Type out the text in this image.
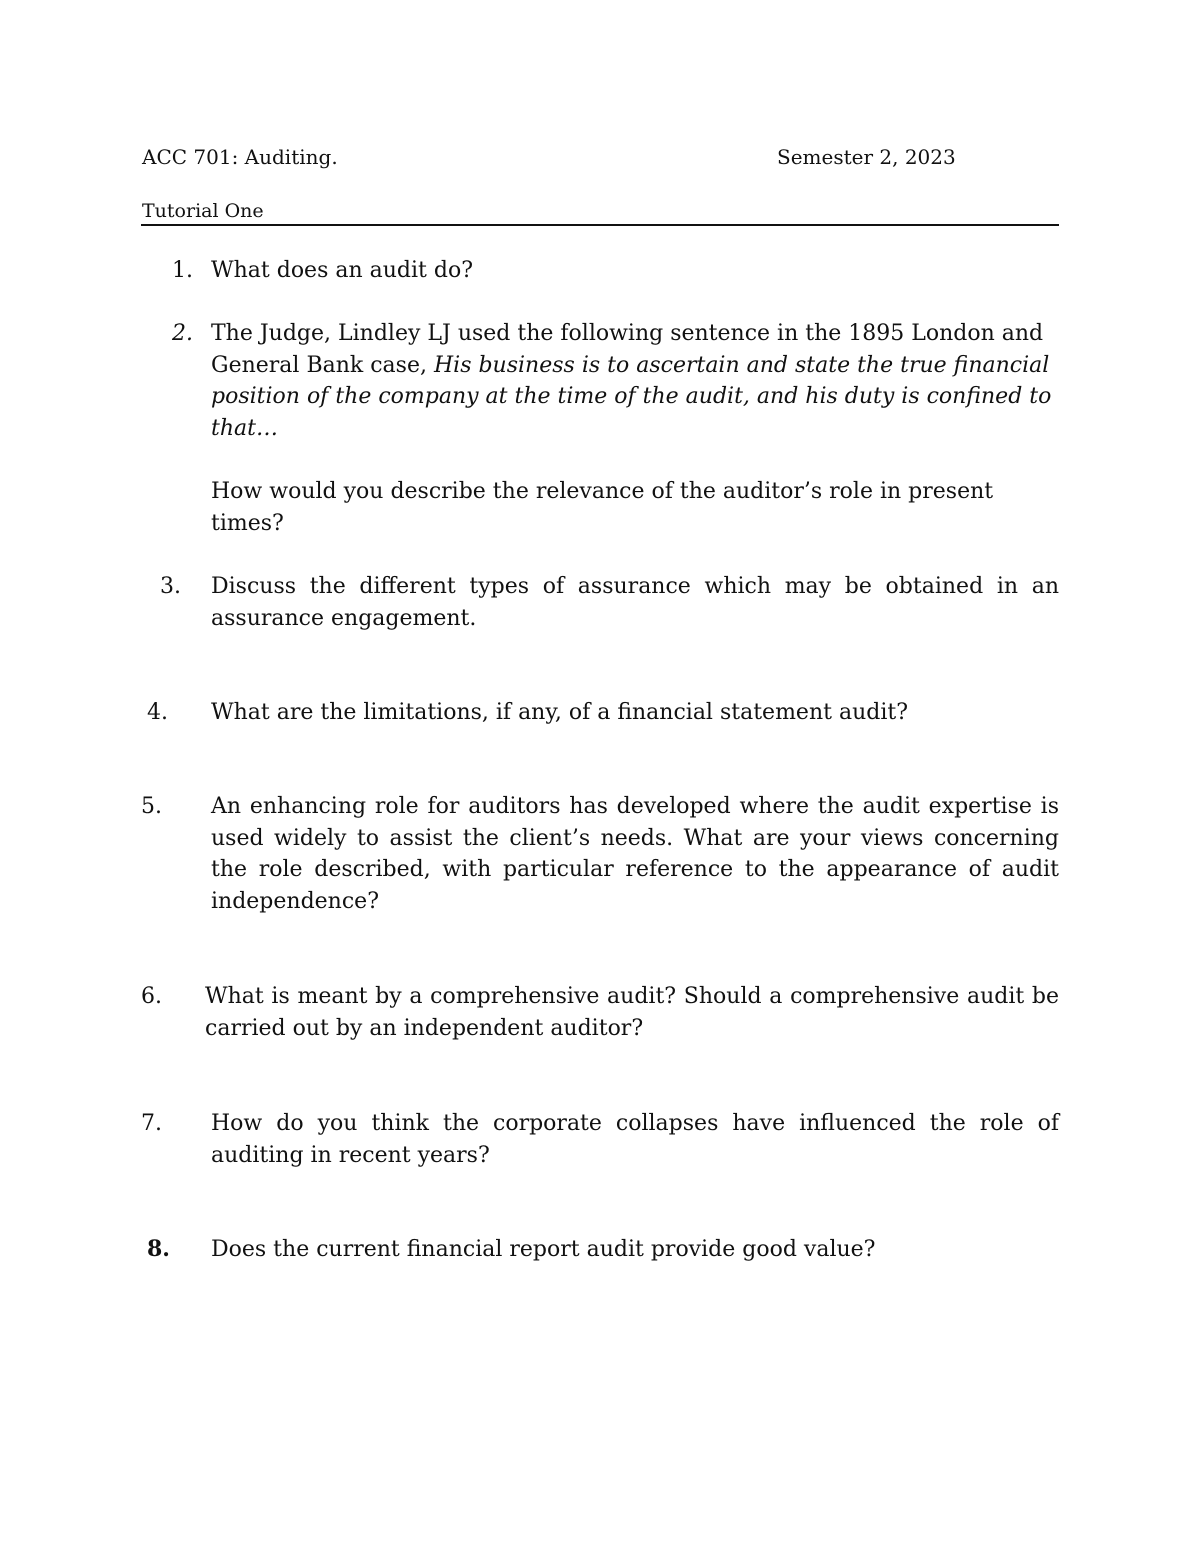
ACC 701: Auditing.	Semester 2, 2023
Tutorial One
1. What does an audit do?
2. The Judge, Lindley LJ used the following sentence in the 1895 London and General Bank case, His business is to ascertain and state the true financial position of the company at the time of the audit, and his duty is confined to that…
How would you describe the relevance of the auditor’s role in present times?
3.	Discuss the different types of assurance which may be obtained in an assurance engagement.
4.	What are the limitations, if any, of a financial statement audit?
5.	An enhancing role for auditors has developed where the audit expertise is used widely to assist the client’s needs. What are your views concerning the role described, with particular reference to the appearance of audit independence?
6.	What is meant by a comprehensive audit? Should a comprehensive audit be carried out by an independent auditor?
7.	How do you think the corporate collapses have influenced the role of auditing in recent years?
8.	Does the current financial report audit provide good value?
